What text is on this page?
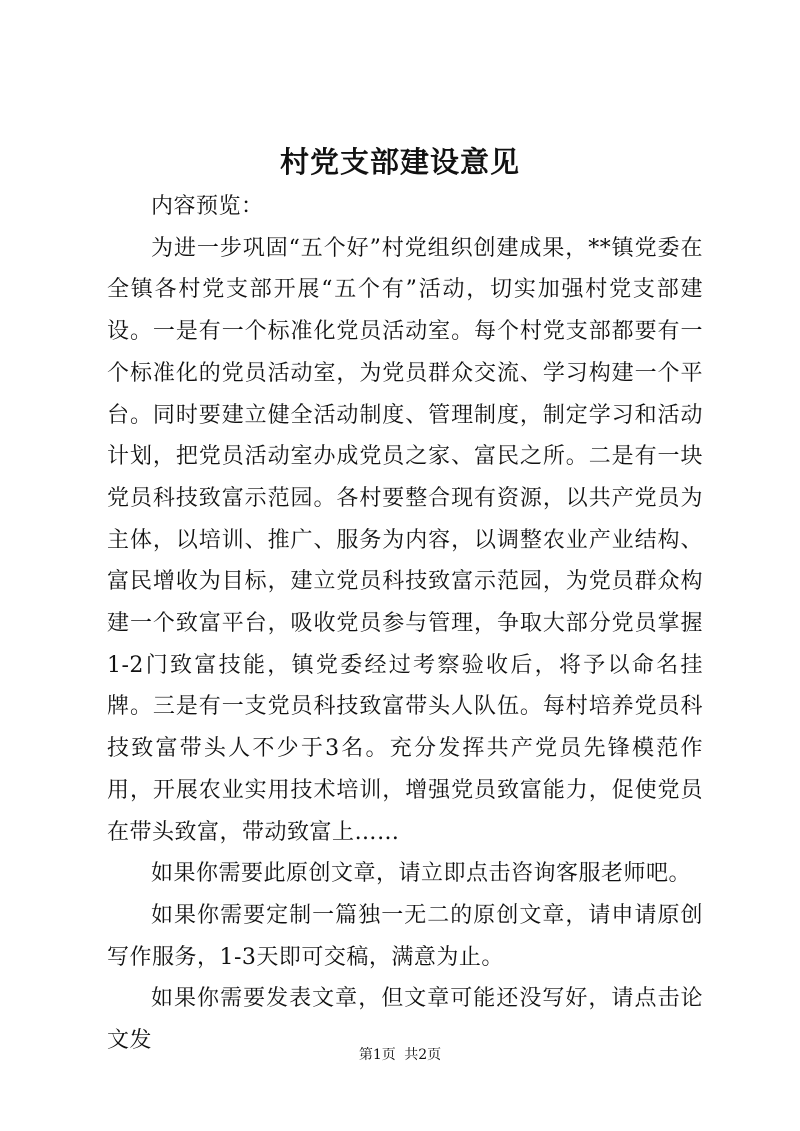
村党支部建设意见

内容预览：

为进一步巩固“五个好”村党组织创建成果，**镇党委在全镇各村党支部开展“五个有”活动，切实加强村党支部建设。一是有一个标准化党员活动室。每个村党支部都要有一个标准化的党员活动室，为党员群众交流、学习构建一个平台。同时要建立健全活动制度、管理制度，制定学习和活动计划，把党员活动室办成党员之家、富民之所。二是有一块党员科技致富示范园。各村要整合现有资源，以共产党员为主体，以培训、推广、服务为内容，以调整农业产业结构、富民增收为目标，建立党员科技致富示范园，为党员群众构建一个致富平台，吸收党员参与管理，争取大部分党员掌握1-2门致富技能，镇党委经过考察验收后，将予以命名挂牌。三是有一支党员科技致富带头人队伍。每村培养党员科技致富带头人不少于3名。充分发挥共产党员先锋模范作用，开展农业实用技术培训，增强党员致富能力，促使党员在带头致富，带动致富上……

如果你需要此原创文章，请立即点击咨询客服老师吧。

如果你需要定制一篇独一无二的原创文章，请申请原创写作服务，1-3天即可交稿，满意为止。

如果你需要发表文章，但文章可能还没写好，请点击论文发

第1页 共2页
